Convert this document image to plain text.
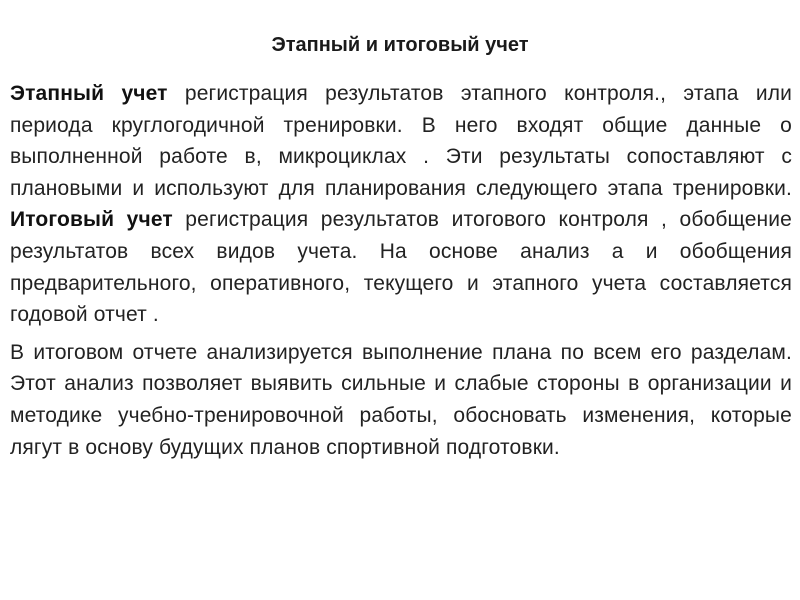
Этапный и итоговый учет

Этапный учет регистрация результатов этапного контроля., этапа или периода круглогодичной тренировки. В него входят общие данные о выполненной работе в, микроциклах . Эти результаты сопоставляют с плановыми и используют для планирования следующего этапа тренировки. Итоговый учет регистрация результатов итогового контроля , обобщение результатов всех видов учета. На основе анализ а и обобщения предварительного, оперативного, текущего и этапного учета составляется годовой отчет .

В итоговом отчете анализируется выполнение плана по всем его разделам. Этот анализ позволяет выявить сильные и слабые стороны в организации и методике учебно-тренировочной работы, обосновать изменения, которые лягут в основу будущих планов спортивной подготовки.
